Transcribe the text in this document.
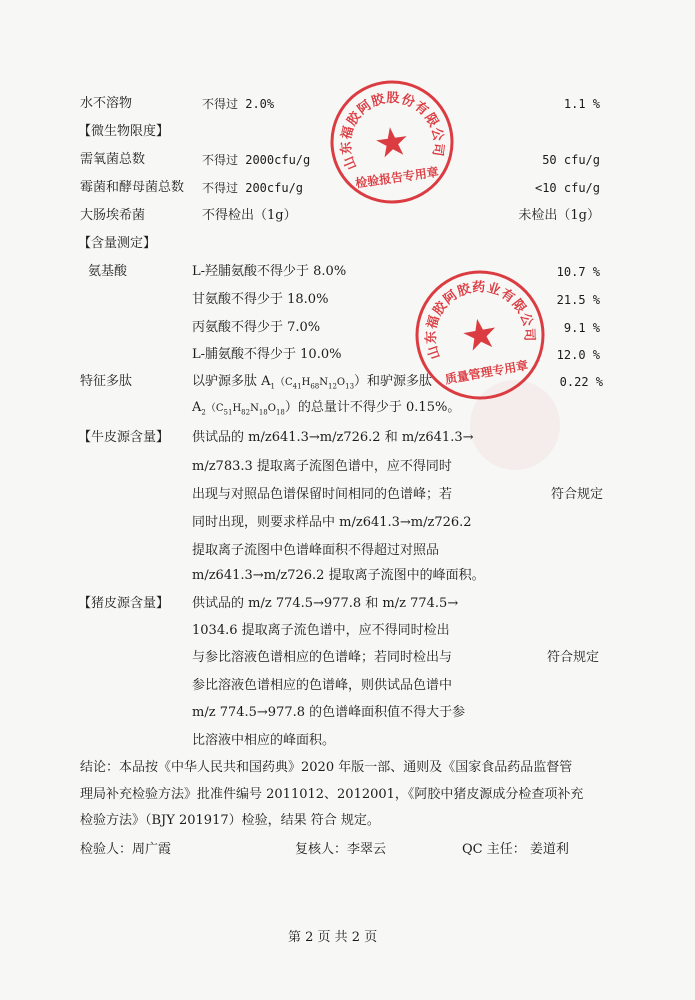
水不溶物	不得过 2.0%	1.1 %
【微生物限度】
需氧菌总数	不得过 2000cfu/g	50 cfu/g
霉菌和酵母菌总数 不得过 200cfu/g	<10 cfu/g
大肠埃希菌	不得检出（1g）	未检出（1g）
【含量测定】
氨基酸	L-羟脯氨酸不得少于 8.0%	10.7 %
甘氨酸不得少于 18.0%	21.5 %
丙氨酸不得少于 7.0%	9.1 %
L-脯氨酸不得少于 10.0%	12.0 %
特征多肽	以驴源多肽 $A_1(C_{41}H_{68}N_{12}O_{13})$和驴源多肽	0.22 %
$A_2(C_{51}H_{82}N_{18}O_{18})$的总量计不得少于 0.15%。
【牛皮源含量】 供试品的 m/z641.3→m/z726.2 和 m/z641.3→
m/z783.3 提取离子流图色谱中，应不得同时
出现与对照品色谱保留时间相同的色谱峰；若
同时出现，则要求样品中 m/z641.3→m/z726.2
提取离子流图中色谱峰面积不得超过对照品
m/z641.3→m/z726.2 提取离子流图中的峰面积。
符合规定
【猪皮源含量】 供试品的 m/z 774.5→977.8 和 m/z 774.5→
1034.6 提取离子流色谱中，应不得同时检出
与参比溶液色谱相应的色谱峰；若同时检出与
参比溶液色谱相应的色谱峰，则供试品色谱中
m/z 774.5→977.8 的色谱峰面积值不得大于参
比溶液中相应的峰面积。
符合规定
结论：本品按《中华人民共和国药典》2020 年版一部、通则及《国家食品药品监督管
理局补充检验方法》批准件编号 2011012、2012001，《阿胶中猪皮源成分检查项补充
检验方法》（BJY 201917）检验，结果 符合 规定。
检验人：周广霞	复核人：李翠云	QC 主任： 姜道利
第 2 页 共 2 页
山东福胶阿胶股份有限公司
★
检验报告专用章
山东福胶阿胶药业有限公司
★
质量管理专用章
